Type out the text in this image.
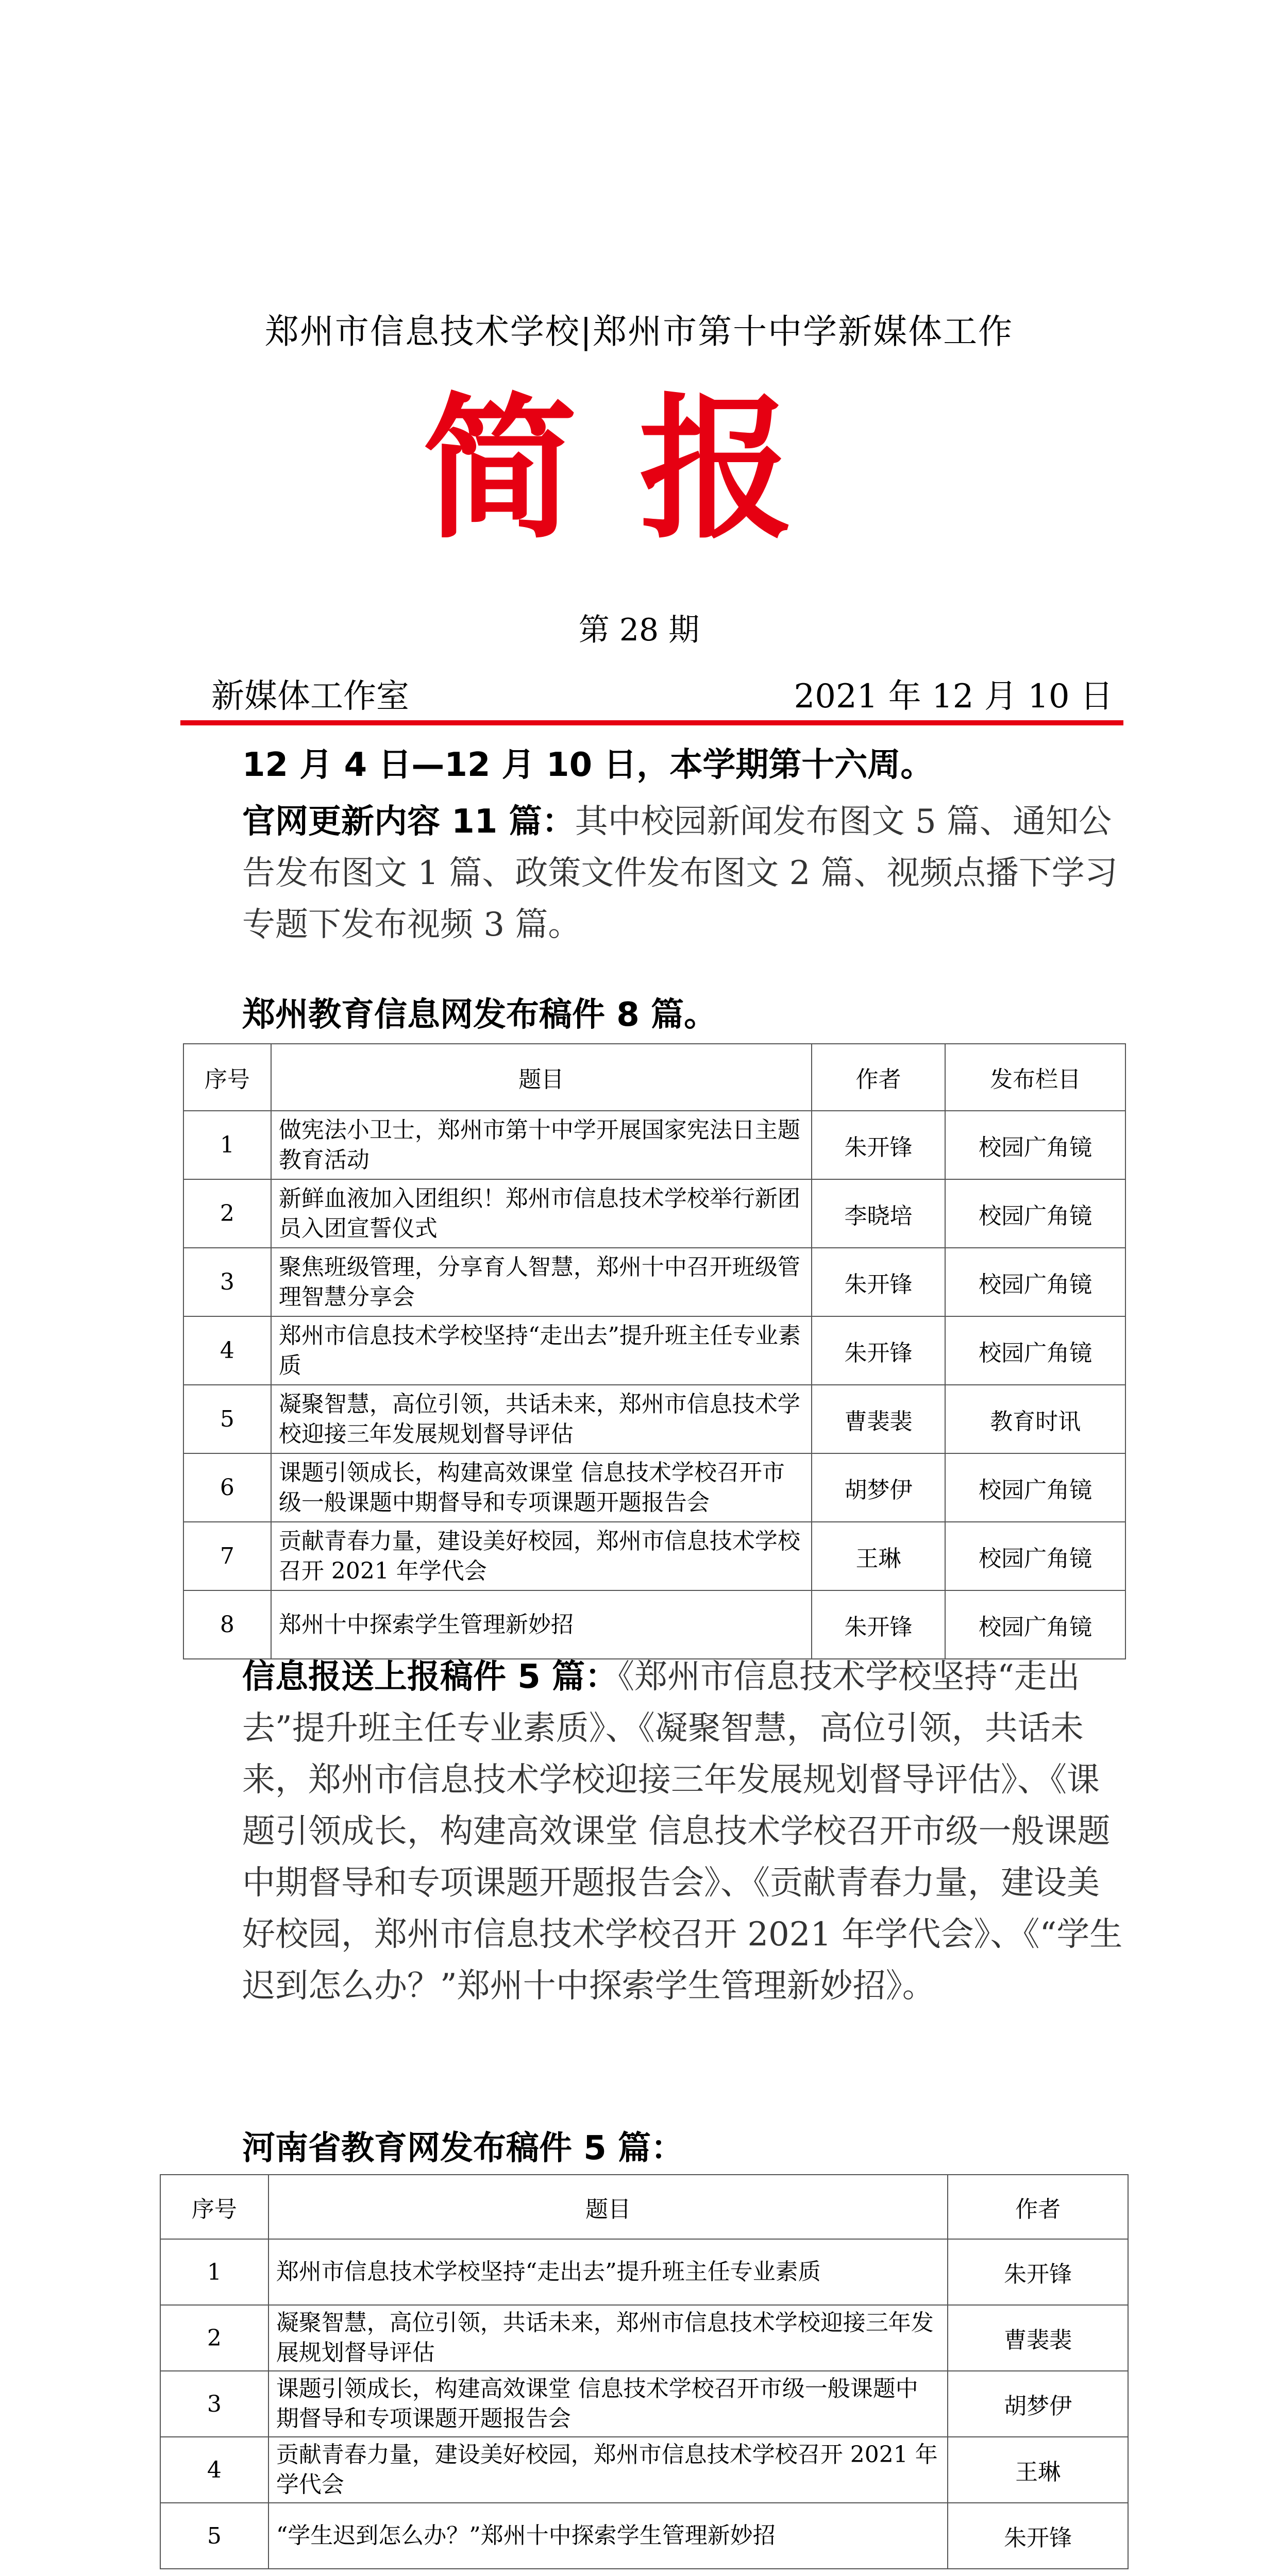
郑州市信息技术学校|郑州市第十中学新媒体工作
简报
第 28 期
新媒体工作室	2021 年 12 月 10 日
12 月 4 日—12 月 10 日，本学期第十六周。
官网更新内容 11 篇：其中校园新闻发布图文 5 篇、通知公告发布图文 1 篇、政策文件发布图文 2 篇、视频点播下学习专题下发布视频 3 篇。
郑州教育信息网发布稿件 8 篇。
序号	题目	作者	发布栏目
1	做宪法小卫士，郑州市第十中学开展国家宪法日主题教育活动	朱开锋	校园广角镜
2	新鲜血液加入团组织！郑州市信息技术学校举行新团员入团宣誓仪式	李晓培	校园广角镜
3	聚焦班级管理，分享育人智慧，郑州十中召开班级管理智慧分享会	朱开锋	校园广角镜
4	郑州市信息技术学校坚持“走出去”提升班主任专业素质	朱开锋	校园广角镜
5	凝聚智慧，高位引领，共话未来，郑州市信息技术学校迎接三年发展规划督导评估	曹裴裴	教育时讯
6	课题引领成长，构建高效课堂 信息技术学校召开市级一般课题中期督导和专项课题开题报告会	胡梦伊	校园广角镜
7	贡献青春力量，建设美好校园，郑州市信息技术学校召开 2021 年学代会	王琳	校园广角镜
8	郑州十中探索学生管理新妙招	朱开锋	校园广角镜
信息报送上报稿件 5 篇：《郑州市信息技术学校坚持“走出去”提升班主任专业素质》、《凝聚智慧，高位引领，共话未来，郑州市信息技术学校迎接三年发展规划督导评估》、《课题引领成长，构建高效课堂 信息技术学校召开市级一般课题中期督导和专项课题开题报告会》、《贡献青春力量，建设美好校园，郑州市信息技术学校召开 2021 年学代会》、《“学生迟到怎么办？”郑州十中探索学生管理新妙招》。
河南省教育网发布稿件 5 篇：
序号	题目	作者
1	郑州市信息技术学校坚持“走出去”提升班主任专业素质	朱开锋
2	凝聚智慧，高位引领，共话未来，郑州市信息技术学校迎接三年发展规划督导评估	曹裴裴
3	课题引领成长，构建高效课堂 信息技术学校召开市级一般课题中期督导和专项课题开题报告会	胡梦伊
4	贡献青春力量，建设美好校园，郑州市信息技术学校召开 2021 年学代会	王琳
5	“学生迟到怎么办？”郑州十中探索学生管理新妙招	朱开锋
